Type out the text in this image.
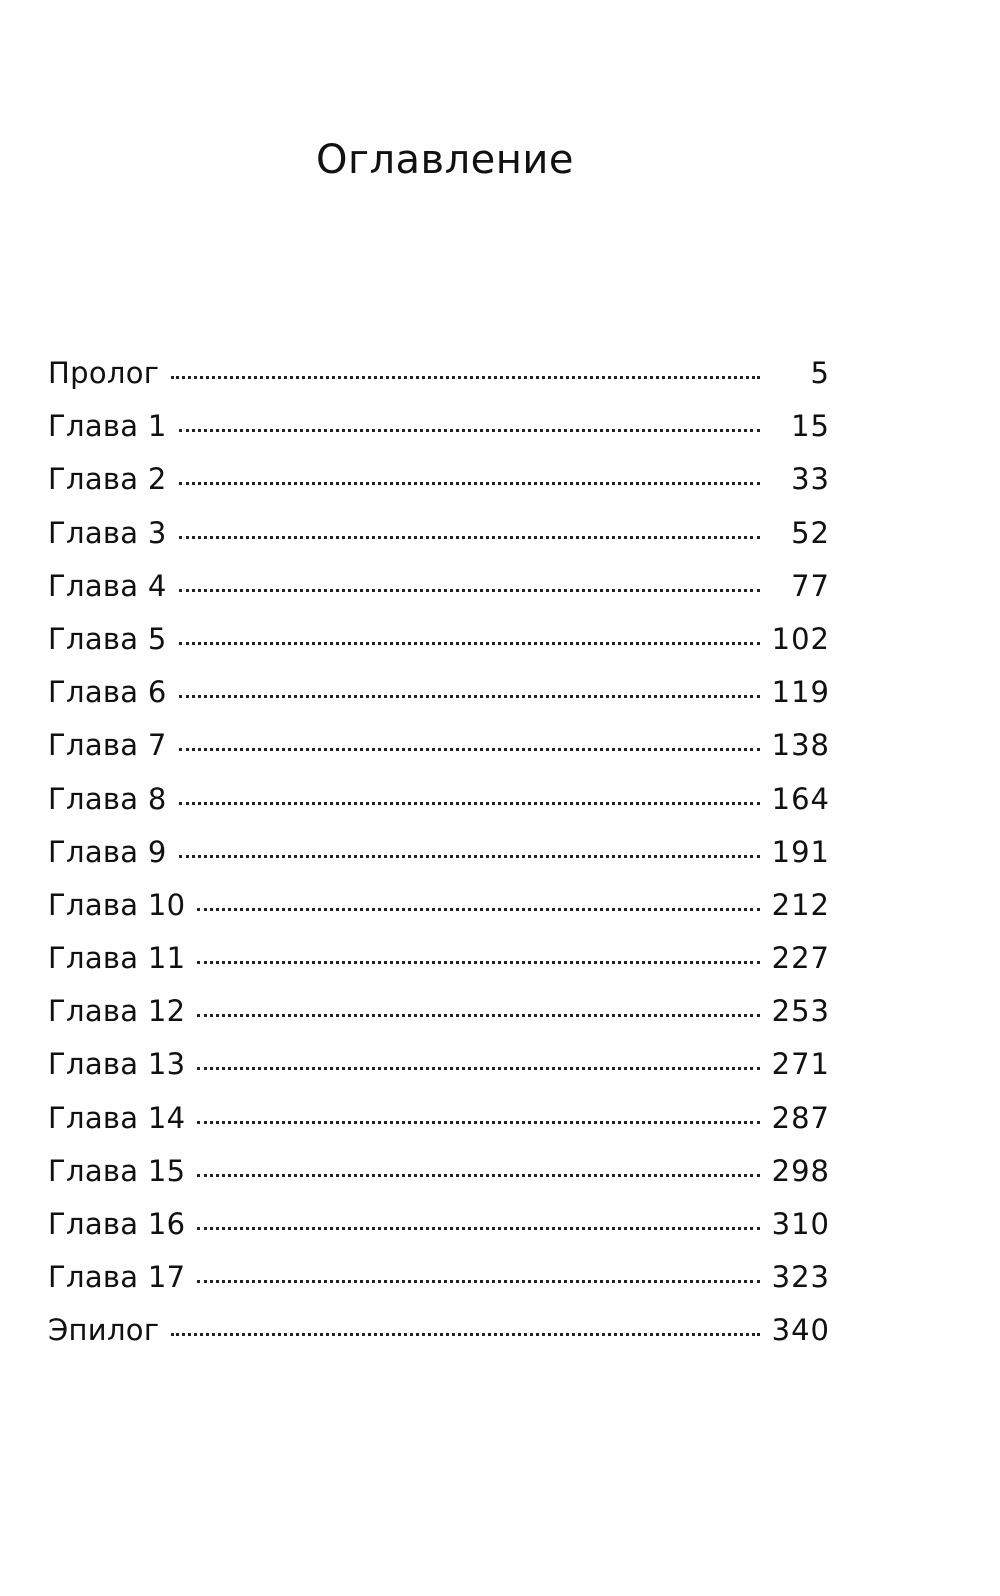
Оглавление
Пролог	5
Глава 1	15
Глава 2	33
Глава 3	52
Глава 4	77
Глава 5	102
Глава 6	119
Глава 7	138
Глава 8	164
Глава 9	191
Глава 10	212
Глава 11	227
Глава 12	253
Глава 13	271
Глава 14	287
Глава 15	298
Глава 16	310
Глава 17	323
Эпилог	340
